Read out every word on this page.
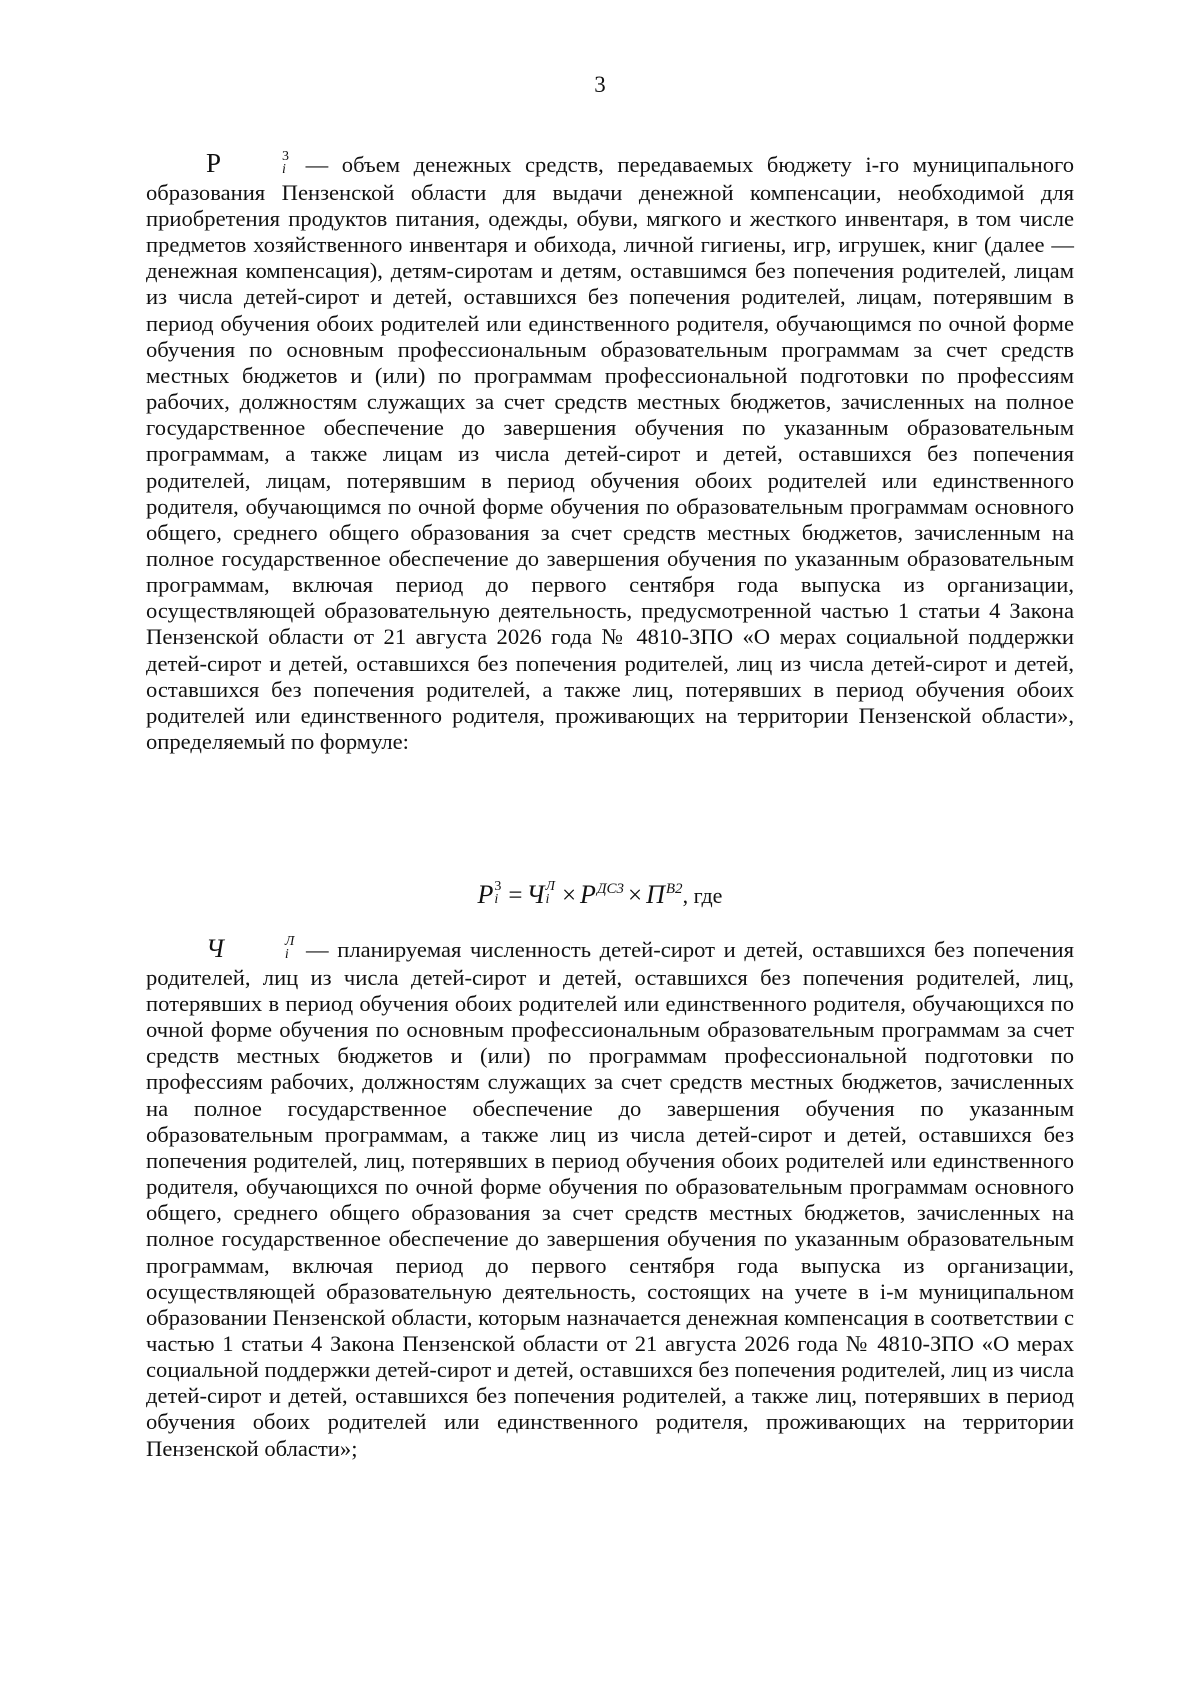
3
P	3
i — объем денежных средств, передаваемых бюджету i-го муниципального образования Пензенской области для выдачи денежной компенсации, необходимой для приобретения продуктов питания, одежды, обуви, мягкого и жесткого инвентаря, в том числе предметов хозяйственного инвентаря и обихода, личной гигиены, игр, игрушек, книг (далее — денежная компенсация), детям-сиротам и детям, оставшимся без попечения родителей, лицам из числа детей-сирот и детей, оставшихся без попечения родителей, лицам, потерявшим в период обучения обоих родителей или единственного родителя, обучающимся по очной форме обучения по основным профессиональным образовательным программам за счет средств местных бюджетов и (или) по программам профессиональной подготовки по профессиям рабочих, должностям служащих за счет средств местных бюджетов, зачисленных на полное государственное обеспечение до завершения обучения по указанным образовательным программам, а также лицам из числа детей-сирот и детей, оставшихся без попечения родителей, лицам, потерявшим в период обучения обоих родителей или единственного родителя, обучающимся по очной форме обучения по образовательным программам основного общего, среднего общего образования за счет средств местных бюджетов, зачисленным на полное государственное обеспечение до завершения обучения по указанным образовательным программам, включая период до первого сентября года выпуска из организации, осуществляющей образовательную деятельность, предусмотренной частью 1 статьи 4 Закона Пензенской области от 21 августа 2026 года № 4810-ЗПО «О мерах социальной поддержки детей-сирот и детей, оставшихся без попечения родителей, лиц из числа детей-сирот и детей, оставшихся без попечения родителей, а также лиц, потерявших в период обучения обоих родителей или единственного родителя, проживающих на территории Пензенской области», определяемый по формуле:
P 3
i = Ч Л
$i \times P^{ДС3} \times П^{В2}$, где
Ч	Л
i — планируемая численность детей-сирот и детей, оставшихся без попечения родителей, лиц из числа детей-сирот и детей, оставшихся без попечения родителей, лиц, потерявших в период обучения обоих родителей или единственного родителя, обучающихся по очной форме обучения по основным профессиональным образовательным программам за счет средств местных бюджетов и (или) по программам профессиональной подготовки по профессиям рабочих, должностям служащих за счет средств местных бюджетов, зачисленных на полное государственное обеспечение до завершения обучения по указанным образовательным программам, а также лиц из числа детей-сирот и детей, оставшихся без попечения родителей, лиц, потерявших в период обучения обоих родителей или единственного родителя, обучающихся по очной форме обучения по образовательным программам основного общего, среднего общего образования за счет средств местных бюджетов, зачисленных на полное государственное обеспечение до завершения обучения по указанным образовательным программам, включая период до первого сентября года выпуска из организации, осуществляющей образовательную деятельность, состоящих на учете в i-м муниципальном образовании Пензенской области, которым назначается денежная компенсация в соответствии с частью 1 статьи 4 Закона Пензенской области от 21 августа 2026 года № 4810-ЗПО «О мерах социальной поддержки детей-сирот и детей, оставшихся без попечения родителей, лиц из числа детей-сирот и детей, оставшихся без попечения родителей, а также лиц, потерявших в период обучения обоих родителей или единственного родителя, проживающих на территории Пензенской области»;
